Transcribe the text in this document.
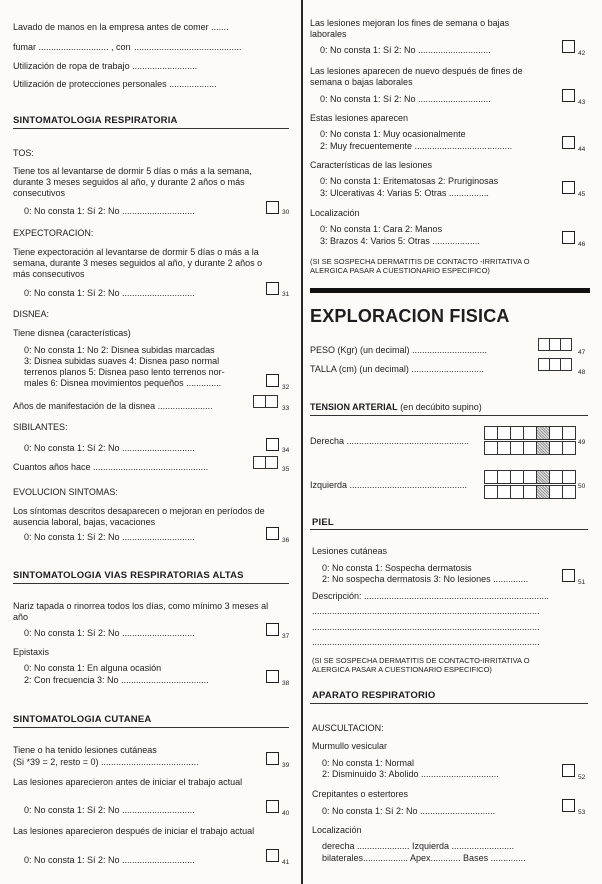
Lavado de manos en la empresa antes de comer .......
fumar ............................ , con ...........................................
Utilización de ropa de trabajo ..........................
Utilización de protecciones personales ...................
SINTOMATOLOGIA RESPIRATORIA
TOS:
Tiene tos al levantarse de dormir 5 días o más a la semana, durante 3 meses seguidos al año, y durante 2 años o más consecutivos
0: No consta 1: Sí 2: No .............................	30
EXPECTORACION:
Tiene expectoración al levantarse de dormir 5 días o más a la semana, durante 3 meses seguidos al año, y durante 2 años o más consecutivos
0: No consta 1: Sí 2: No .............................	31
DISNEA:
Tiene disnea (características)
0: No consta 1: No 2: Disnea subidas marcadas
3: Disnea subidas suaves 4: Disnea paso normal
terrenos planos 5: Disnea paso lento terrenos nor-
males 6: Disnea movimientos pequeños ..............	32
Años de manifestación de la disnea ......................	33
SIBILANTES:
0: No consta 1: Sí 2: No .............................	34
Cuantos años hace ..............................................	35
EVOLUCION SINTOMAS:
Los síntomas descritos desaparecen o mejoran en períodos de ausencia laboral, bajas, vacaciones
0: No consta 1: Sí 2: No .............................	36
SINTOMATOLOGIA VIAS RESPIRATORIAS ALTAS
Nariz tapada o rinorrea todos los días, como mínimo 3 meses al año
0: No consta 1: Sí 2: No .............................	37
Epistaxis
0: No consta 1: En alguna ocasión
2: Con frecuencia 3: No ...................................	38
SINTOMATOLOGIA CUTANEA
Tiene o ha tenido lesiones cutáneas
(Si *39 = 2, resto = 0) .......................................	39
Las lesiones aparecieron antes de iniciar el trabajo actual
0: No consta 1: Sí 2: No .............................	40
Las lesiones aparecieron después de iniciar el trabajo actual
0: No consta 1: Sí 2: No .............................	41
Las lesiones mejoran los fines de semana o bajas laborales
0: No consta 1: Sí 2: No .............................	42
Las lesiones aparecen de nuevo después de fines de semana o bajas laborales
0: No consta 1: Sí 2: No .............................	43
Estas lesiones aparecen
0: No consta 1: Muy ocasionalmente
2: Muy frecuentemente .......................................	44
Características de las lesiones
0: No consta 1: Eritematosas 2: Pruriginosas
3: Ulcerativas 4: Varias 5: Otras ................	45
Localización
0: No consta 1: Cara 2: Manos
3: Brazos 4: Varios 5: Otras ...................	46
(SI SE SOSPECHA DERMATITIS DE CONTACTO -IRRITATIVA O ALERGICA PASAR A CUESTIONARIO ESPECIFICO)
EXPLORACION FISICA
PESO (Kgr) (un decimal) ..............................	47
TALLA (cm) (un decimal) .............................	48
TENSION ARTERIAL (en decúbito supino)
Derecha .................................................	49
Izquierda ...............................................	50
PIEL
Lesiones cutáneas
0: No consta 1: Sospecha dermatosis
2: No sospecha dermatosis 3: No lesiones ..............	51
Descripción: ..........................................................................
...........................................................................................
...........................................................................................
...........................................................................................
(SI SE SOSPECHA DERMATITIS DE CONTACTO-IRRITATIVA O ALERGICA PASAR A CUESTIONARIO ESPECIFICO)
APARATO RESPIRATORIO
AUSCULTACION:
Murmullo vesicular
0: No consta 1: Normal
2: Disminuido 3: Abolido ...............................	52
Crepitantes o estertores
0: No consta 1: Sí 2: No ..............................	53
Localización
derecha ..................... Izquierda .........................
bilaterales.................. Apex............ Bases ..............
